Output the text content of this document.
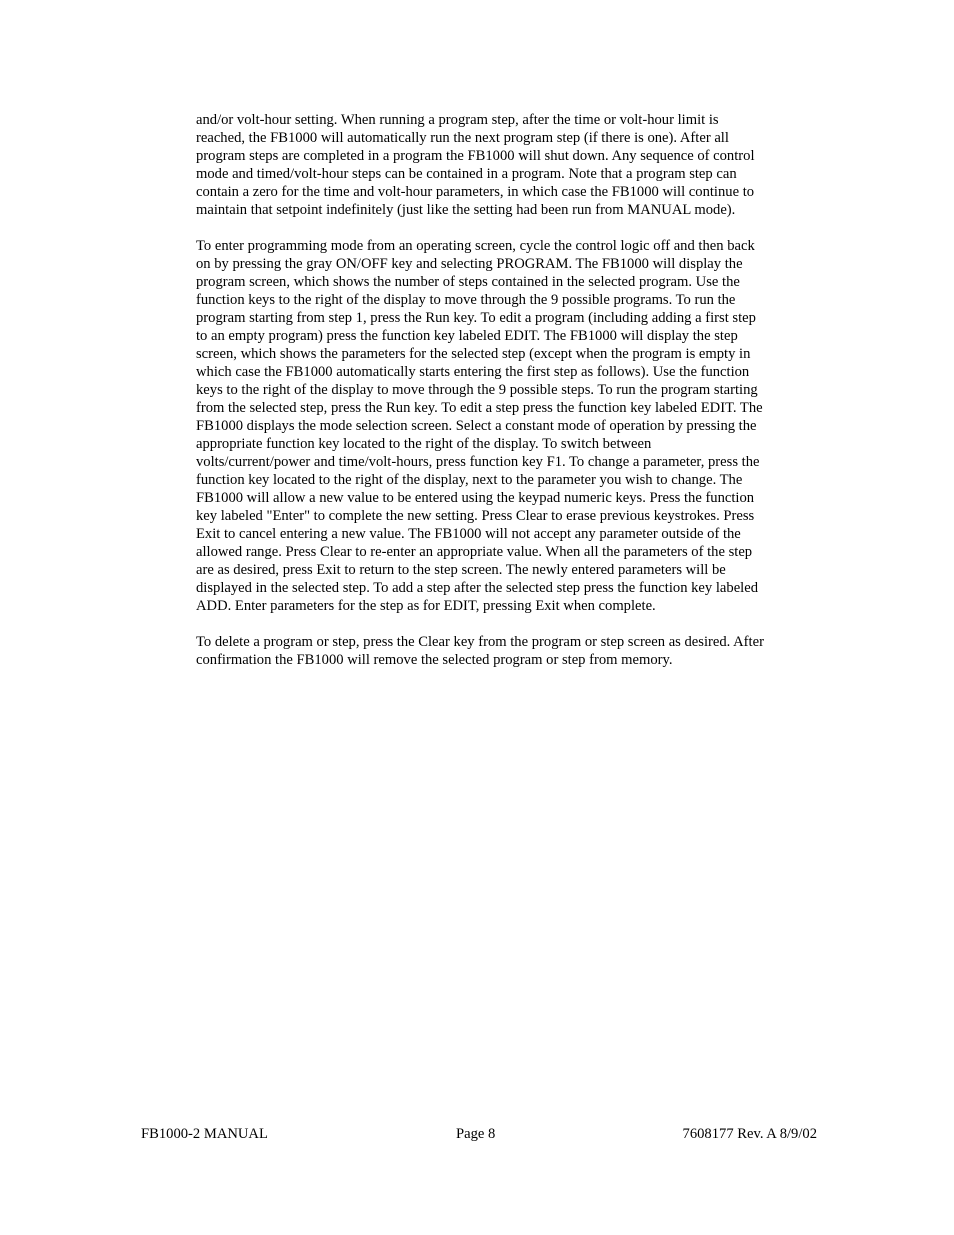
and/or volt-hour setting. When running a program step, after the time or volt-hour limit is
reached, the FB1000 will automatically run the next program step (if there is one). After all
program steps are completed in a program the FB1000 will shut down. Any sequence of control
mode and timed/volt-hour steps can be contained in a program. Note that a program step can
contain a zero for the time and volt-hour parameters, in which case the FB1000 will continue to
maintain that setpoint indefinitely (just like the setting had been run from MANUAL mode).

To enter programming mode from an operating screen, cycle the control logic off and then back
on by pressing the gray ON/OFF key and selecting PROGRAM. The FB1000 will display the
program screen, which shows the number of steps contained in the selected program. Use the
function keys to the right of the display to move through the 9 possible programs. To run the
program starting from step 1, press the Run key. To edit a program (including adding a first step
to an empty program) press the function key labeled EDIT. The FB1000 will display the step
screen, which shows the parameters for the selected step (except when the program is empty in
which case the FB1000 automatically starts entering the first step as follows). Use the function
keys to the right of the display to move through the 9 possible steps. To run the program starting
from the selected step, press the Run key. To edit a step press the function key labeled EDIT. The
FB1000 displays the mode selection screen. Select a constant mode of operation by pressing the
appropriate function key located to the right of the display. To switch between
volts/current/power and time/volt-hours, press function key F1. To change a parameter, press the
function key located to the right of the display, next to the parameter you wish to change. The
FB1000 will allow a new value to be entered using the keypad numeric keys. Press the function
key labeled "Enter" to complete the new setting. Press Clear to erase previous keystrokes. Press
Exit to cancel entering a new value. The FB1000 will not accept any parameter outside of the
allowed range. Press Clear to re-enter an appropriate value. When all the parameters of the step
are as desired, press Exit to return to the step screen. The newly entered parameters will be
displayed in the selected step. To add a step after the selected step press the function key labeled
ADD. Enter parameters for the step as for EDIT, pressing Exit when complete.

To delete a program or step, press the Clear key from the program or step screen as desired. After
confirmation the FB1000 will remove the selected program or step from memory.

FB1000-2 MANUAL	Page 8	7608177 Rev. A 8/9/02
